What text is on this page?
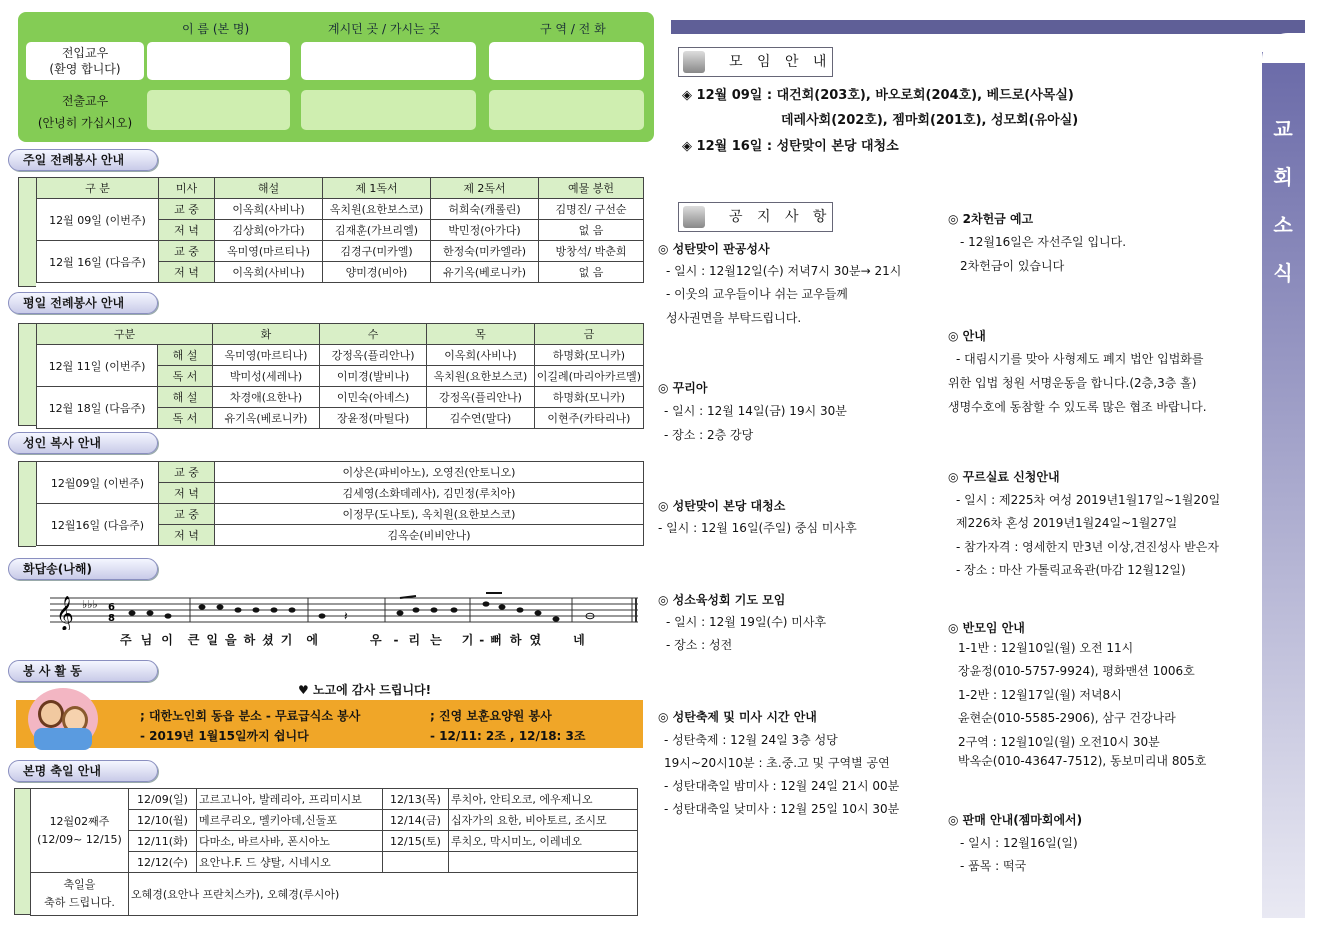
이 름 (본 명)	계시던 곳 / 가시는 곳	구 역 / 전 화
전입교우
(환영 합니다)
전출교우
(안녕히 가십시오)
주일 전례봉사 안내
구 분	미사	해설	제 1독서	제 2독서	예물 봉헌
12월 09일 (이번주)	교 중	이옥희(사비나)	옥치원(요한보스코)	허희숙(캐롤린)	김명진/ 구선순
	저 녁	김상희(아가다)	김재훈(가브리엘)	박민정(아가다)	없 음
12월 16일 (다음주)	교 중	옥미영(마르티나)	김경구(미카엘)	한정숙(미카엘라)	방창석/ 박춘희
	저 녁	이옥희(사비나)	양미경(비아)	유기옥(베로니카)	없 음
평일 전례봉사 안내
구분		화	수	목	금
12월 11일 (이번주)	해 설	옥미영(마르티나)	강정옥(플리안나)	이옥희(사비나)	하명화(모니카)
	독 서	박미성(세레나)	이미경(발비나)	옥치원(요한보스코)	이길례(마리아카르멜)
12월 18일 (다음주)	해 설	차경애(요한나)	이민숙(아녜스)	강정옥(플리안나)	하명화(모니카)
	독 서	유기옥(베로니카)	장윤정(마틸다)	김수연(말다)	이현주(카타리나)
성인 복사 안내
12월09일 (이번주)	교 중	이상은(파비아노), 오영진(안토니오)
	저 녁	김세영(소화데레사), 김민정(루치아)
12월16일 (다음주)	교 중	이정무(도나토), 옥치원(요한보스코)
	저 녁	김옥순(비비안나)
화답송(나해)
𝄞 ♭♭♭ 6
8	𝄽
주 님 이 큰 일 을 하 셨 기 에	우 - 리 는 기 - 뻐 하 였	네
봉 사 활 동
♥ 노고에 감사 드립니다!
; 대한노인회 동읍 분소 - 무료급식소 봉사
- 2019년 1월15일까지 쉽니다
; 진영 보훈요양원 봉사
- 12/11: 2조 , 12/18: 3조
본명 축일 안내
12월02째주
(12/09~ 12/15)	12/09(일)	고르고니아, 발레리아, 프리미시보	12/13(목)	루치아, 안티오코, 에우제니오
	12/10(월)	메르쿠리오, 멜키아데,신둘포	12/14(금)	십자가의 요한, 비아토르, 조시모
	12/11(화)	다마소, 바르사바, 폰시아노	12/15(토)	루치오, 막시미노, 이레네오
	12/12(수)	요안나.F. 드 샹탈, 시네시오		

축일을
축하 드립니다.	오혜경(요안나 프란치스카), 오혜경(루시아)			
교
회
소
식
모 임 안 내
◈ 12월 09일 : 대건회(203호), 바오로회(204호), 베드로(사목실)
데레사회(202호), 젬마회(201호), 성모회(유아실)
◈ 12월 16일 : 성탄맞이 본당 대청소
공 지 사 항
◎ 성탄맞이 판공성사
- 일시 : 12월12일(수) 저녁7시 30분→ 21시
- 이웃의 교우들이나 쉬는 교우들께
성사권면을 부탁드립니다.
◎ 꾸리아
- 일시 : 12월 14일(금) 19시 30분
- 장소 : 2층 강당
◎ 성탄맞이 본당 대청소
- 일시 : 12월 16일(주일) 중심 미사후
◎ 성소육성회 기도 모임
- 일시 : 12월 19일(수) 미사후
- 장소 : 성전
◎ 성탄축제 및 미사 시간 안내
- 성탄축제 : 12월 24일 3층 성당
19시~20시10분 : 초.중.고 및 구역별 공연
- 성탄대축일 밤미사 : 12월 24일 21시 00분
- 성탄대축일 낮미사 : 12월 25일 10시 30분
◎ 2차헌금 예고
- 12월16일은 자선주일 입니다.
2차헌금이 있습니다
◎ 안내
- 대림시기를 맞아 사형제도 폐지 법안 입법화를
위한 입법 청원 서명운동을 합니다.(2층,3층 홀)
생명수호에 동참할 수 있도록 많은 협조 바랍니다.
◎ 꾸르실료 신청안내
- 일시 : 제225차 여성 2019년1월17일~1월20일
제226차 혼성 2019년1월24일~1월27일
- 참가자격 : 영세한지 만3년 이상,견진성사 받은자
- 장소 : 마산 가톨릭교육관(마감 12월12일)
◎ 반모임 안내
1-1반 : 12월10일(월) 오전 11시
장윤정(010-5757-9924), 평화맨션 1006호
1-2반 : 12월17일(월) 저녁8시
윤현순(010-5585-2906), 삼구 건강나라
2구역 : 12월10일(월) 오전10시 30분
박옥순(010-43647-7512), 동보미리내 805호
◎ 판매 안내(젬마회에서)
- 일시 : 12월16일(일)
- 품목 : 떡국
